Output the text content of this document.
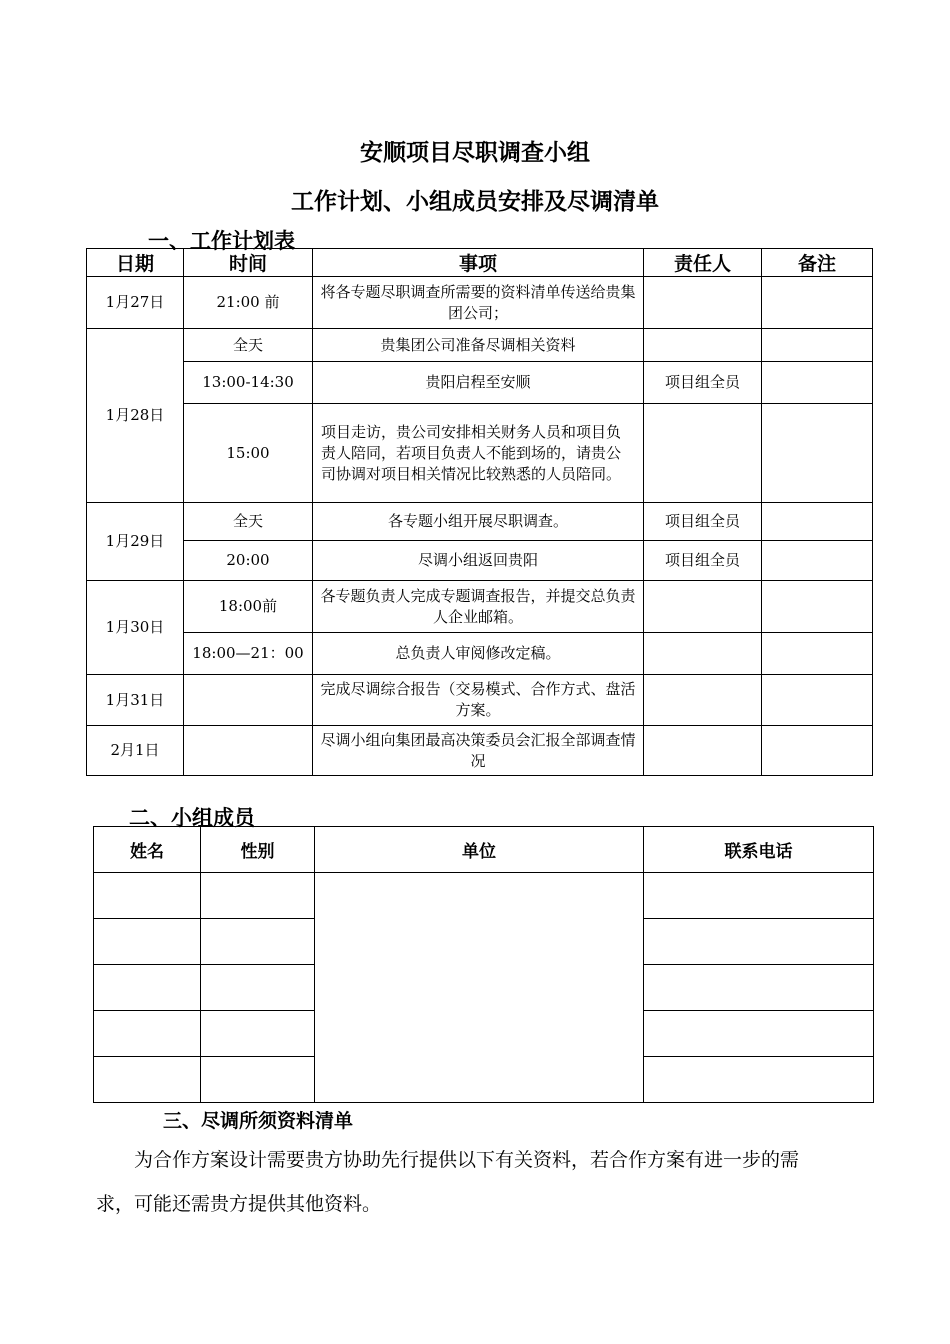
安顺项目尽职调查小组
工作计划、小组成员安排及尽调清单
一、工作计划表
日期	时间	事项	责任人	备注
1月27日	21:00 前	将各专题尽职调查所需要的资料清单传送给贵集团公司；		
1月28日	全天	贵集团公司准备尽调相关资料		
	13:00-14:30	贵阳启程至安顺	项目组全员	
	15:00	项目走访，贵公司安排相关财务人员和项目负责人陪同，若项目负责人不能到场的，请贵公司协调对项目相关情况比较熟悉的人员陪同。		
1月29日	全天	各专题小组开展尽职调查。	项目组全员	
	20:00	尽调小组返回贵阳	项目组全员	
1月30日	18:00前	各专题负责人完成专题调查报告，并提交总负责人企业邮箱。		
	18:00—21：00	总负责人审阅修改定稿。		
1月31日		完成尽调综合报告（交易模式、合作方式、盘活方案。		
2月1日		尽调小组向集团最高决策委员会汇报全部调查情况		
二、小组成员
姓名	性别	单位	联系电话

三、尽调所须资料清单
为合作方案设计需要贵方协助先行提供以下有关资料，若合作方案有进一步的需求，可能还需贵方提供其他资料。
